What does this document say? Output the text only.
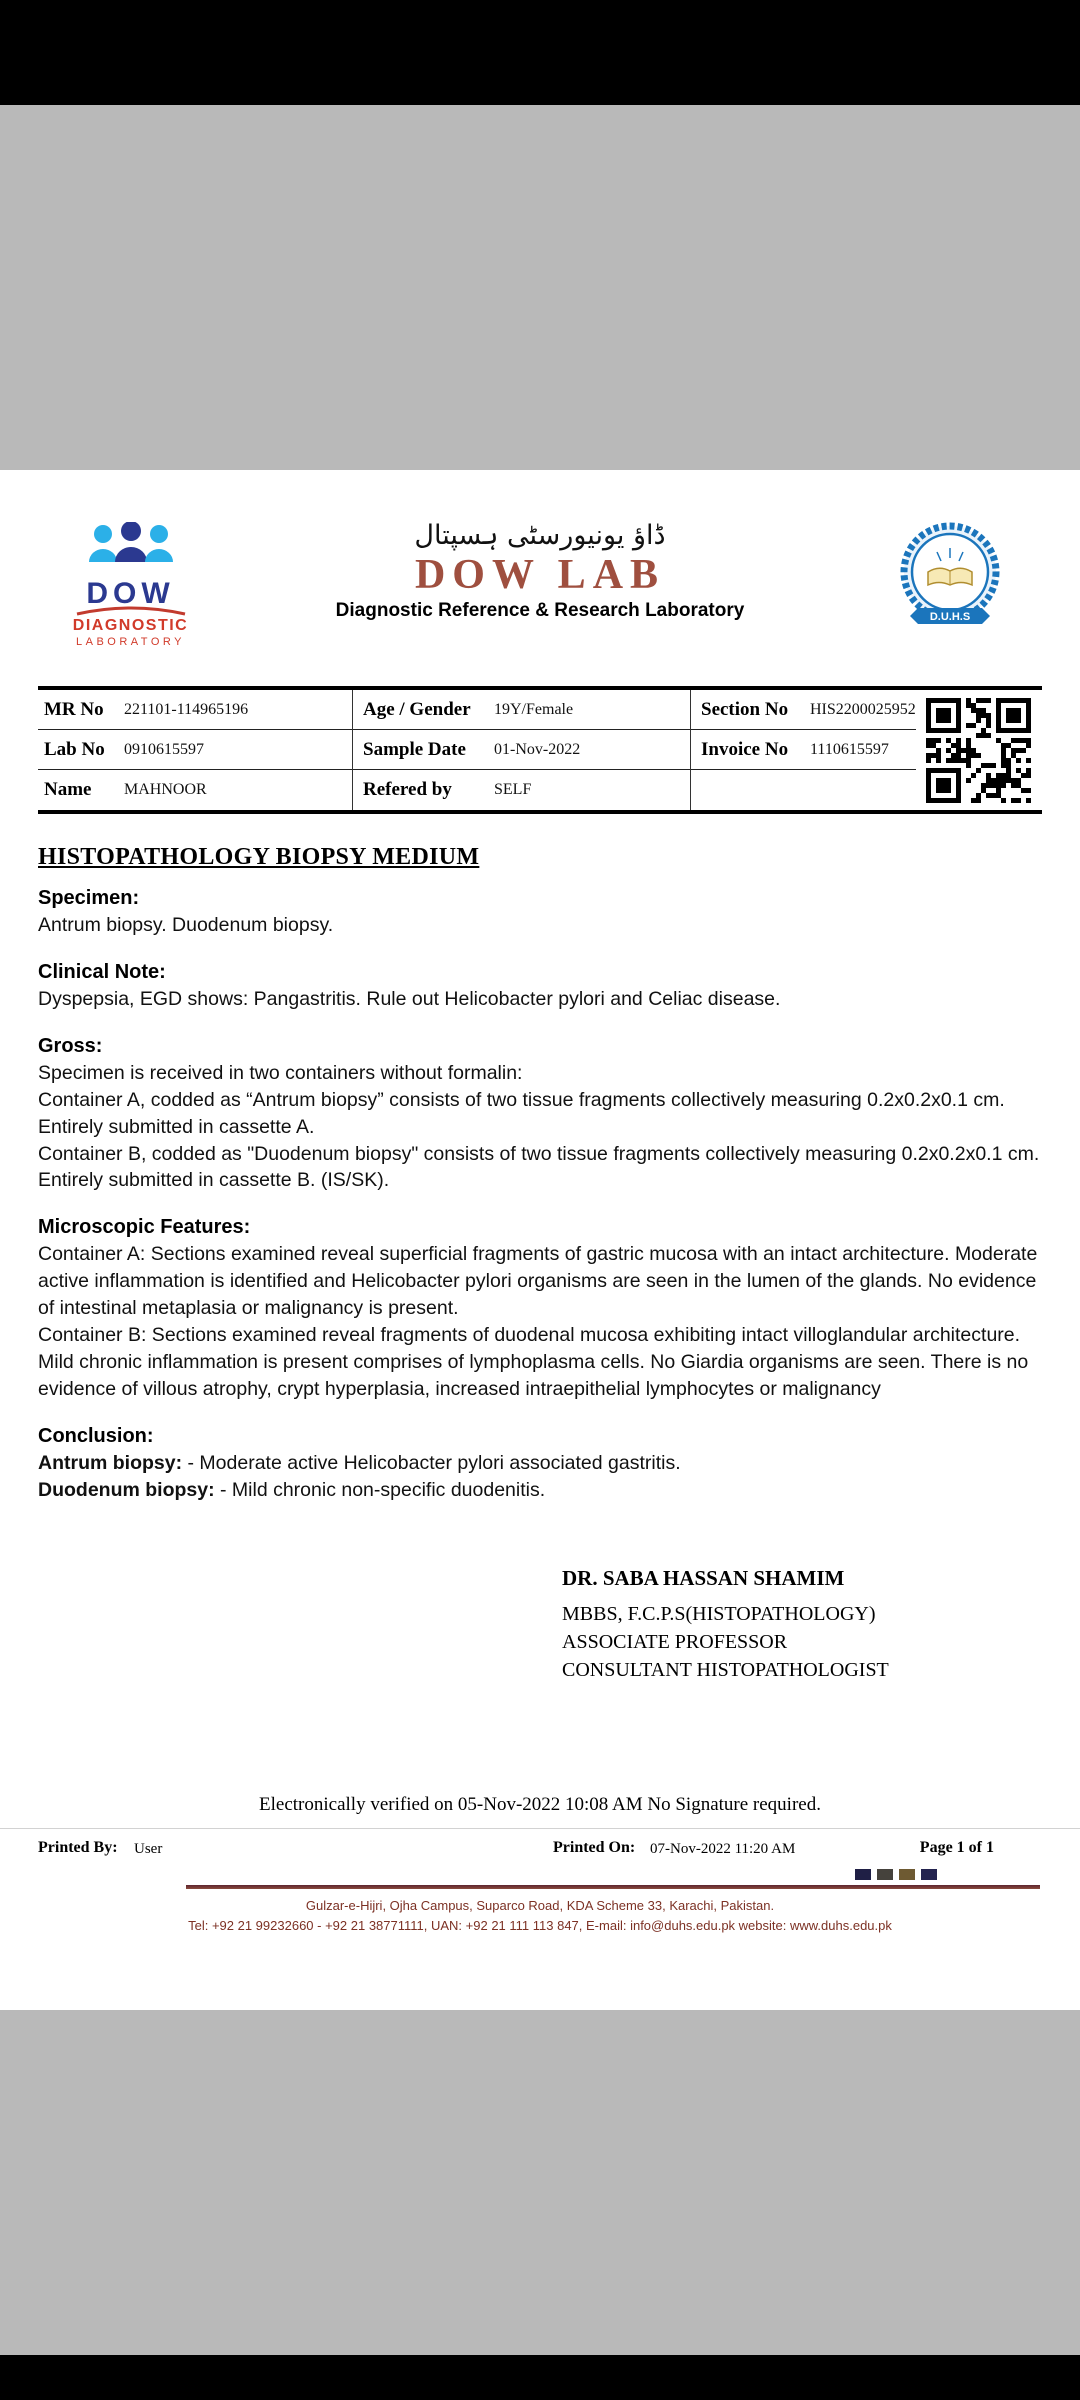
DOW
DIAGNOSTIC
LABORATORY
ڈاؤ یونیورسٹی ہسپتال
DOW LAB
Diagnostic Reference & Research Laboratory	D.U.H.S
MR No	221101-114965196	Age / Gender	19Y/Female	Section No	HIS2200025952
Lab No	0910615597	Sample Date	01-Nov-2022	Invoice No	1110615597
Name	MAHNOOR	Refered by	SELF
HISTOPATHOLOGY BIOPSY MEDIUM
Specimen:

Antrum biopsy. Duodenum biopsy.

Clinical Note:

Dyspepsia, EGD shows: Pangastritis. Rule out Helicobacter pylori and Celiac disease.

Gross:

Specimen is received in two containers without formalin:

Container A, codded as “Antrum biopsy” consists of two tissue fragments collectively measuring 0.2x0.2x0.1 cm. Entirely submitted in cassette A.

Container B, codded as "Duodenum biopsy" consists of two tissue fragments collectively measuring 0.2x0.2x0.1 cm. Entirely submitted in cassette B. (IS/SK).

Microscopic Features:

Container A: Sections examined reveal superficial fragments of gastric mucosa with an intact architecture. Moderate active inflammation is identified and Helicobacter pylori organisms are seen in the lumen of the glands. No evidence of intestinal metaplasia or malignancy is present.

Container B: Sections examined reveal fragments of duodenal mucosa exhibiting intact villoglandular architecture. Mild chronic inflammation is present comprises of lymphoplasma cells. No Giardia organisms are seen. There is no evidence of villous atrophy, crypt hyperplasia, increased intraepithelial lymphocytes or malignancy

Conclusion:

Antrum biopsy: - Moderate active Helicobacter pylori associated gastritis.

Duodenum biopsy: - Mild chronic non-specific duodenitis.

DR. SABA HASSAN SHAMIM
MBBS, F.C.P.S(HISTOPATHOLOGY)
ASSOCIATE PROFESSOR
CONSULTANT HISTOPATHOLOGIST
Electronically verified on 05-Nov-2022 10:08 AM No Signature required.
Printed By: User	Printed On: 07-Nov-2022 11:20 AM	Page 1 of 1
Gulzar-e-Hijri, Ojha Campus, Suparco Road, KDA Scheme 33, Karachi, Pakistan.
Tel: +92 21 99232660 - +92 21 38771111, UAN: +92 21 111 113 847, E-mail: info@duhs.edu.pk website: www.duhs.edu.pk
